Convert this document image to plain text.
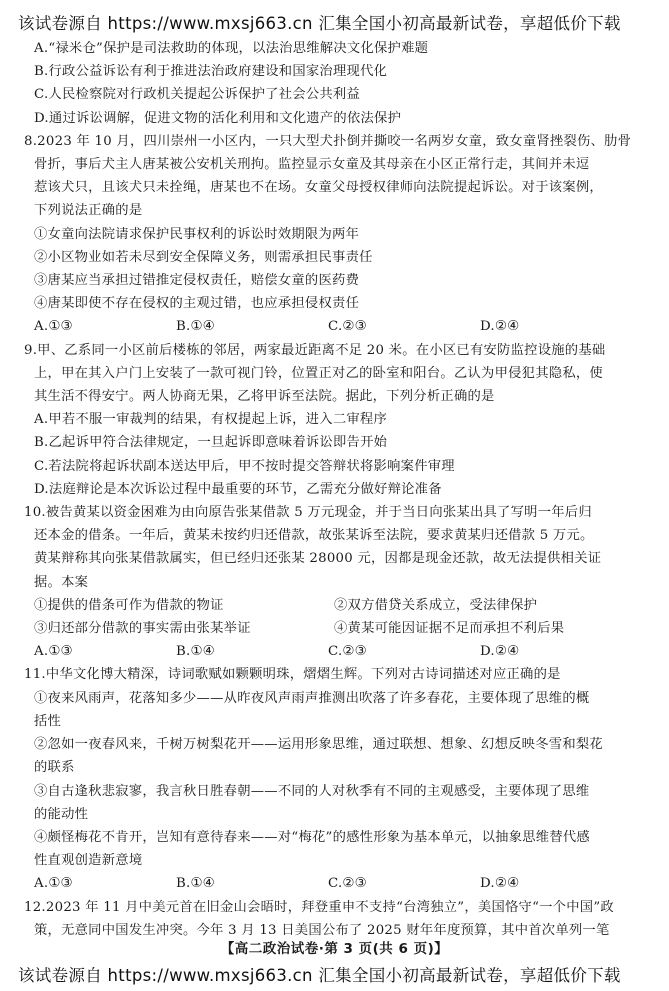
该试卷源自 https://www.mxsj663.cn 汇集全国小初高最新试卷，享超低价下载
A.“禄米仓”保护是司法救助的体现，以法治思维解决文化保护难题
B.行政公益诉讼有利于推进法治政府建设和国家治理现代化
C.人民检察院对行政机关提起公诉保护了社会公共利益
D.通过诉讼调解，促进文物的活化利用和文化遗产的依法保护
8.2023 年 10 月，四川崇州一小区内，一只大型犬扑倒并撕咬一名两岁女童，致女童肾挫裂伤、肋骨
骨折，事后犬主人唐某被公安机关刑拘。监控显示女童及其母亲在小区正常行走，其间并未逗
惹该犬只，且该犬只未拴绳，唐某也不在场。女童父母授权律师向法院提起诉讼。对于该案例，
下列说法正确的是
①女童向法院请求保护民事权利的诉讼时效期限为两年
②小区物业如若未尽到安全保障义务，则需承担民事责任
③唐某应当承担过错推定侵权责任，赔偿女童的医药费
④唐某即使不存在侵权的主观过错，也应承担侵权责任
A.①③	B.①④	C.②③	D.②④
9.甲、乙系同一小区前后楼栋的邻居，两家最近距离不足 20 米。在小区已有安防监控设施的基础
上，甲在其入户门上安装了一款可视门铃，位置正对乙的卧室和阳台。乙认为甲侵犯其隐私，使
其生活不得安宁。两人协商无果，乙将甲诉至法院。据此，下列分析正确的是
A.甲若不服一审裁判的结果，有权提起上诉，进入二审程序
B.乙起诉甲符合法律规定，一旦起诉即意味着诉讼即告开始
C.若法院将起诉状副本送达甲后，甲不按时提交答辩状将影响案件审理
D.法庭辩论是本次诉讼过程中最重要的环节，乙需充分做好辩论准备
10.被告黄某以资金困难为由向原告张某借款 5 万元现金，并于当日向张某出具了写明一年后归
还本金的借条。一年后，黄某未按约归还借款，故张某诉至法院，要求黄某归还借款 5 万元。
黄某辩称其向张某借款属实，但已经归还张某 28000 元，因都是现金还款，故无法提供相关证
据。本案
①提供的借条可作为借款的物证	②双方借贷关系成立，受法律保护
③归还部分借款的事实需由张某举证	④黄某可能因证据不足而承担不利后果
A.①③	B.①④	C.②③	D.②④
11.中华文化博大精深，诗词歌赋如颗颗明珠，熠熠生辉。下列对古诗词描述对应正确的是
①夜来风雨声，花落知多少——从昨夜风声雨声推测出吹落了许多春花，主要体现了思维的概
括性
②忽如一夜春风来，千树万树梨花开——运用形象思维，通过联想、想象、幻想反映冬雪和梨花
的联系
③自古逢秋悲寂寥，我言秋日胜春朝——不同的人对秋季有不同的主观感受，主要体现了思维
的能动性
④颇怪梅花不肯开，岂知有意待春来——对“梅花”的感性形象为基本单元，以抽象思维替代感
性直观创造新意境
A.①③	B.①④	C.②③	D.②④
12.2023 年 11 月中美元首在旧金山会晤时，拜登重申不支持“台湾独立”，美国恪守“一个中国”政
策，无意同中国发生冲突。今年 3 月 13 日美国公布了 2025 财年年度预算，其中首次单列一笔
【高二政治试卷·第 3 页(共 6 页)】
该试卷源自 https://www.mxsj663.cn 汇集全国小初高最新试卷，享超低价下载
